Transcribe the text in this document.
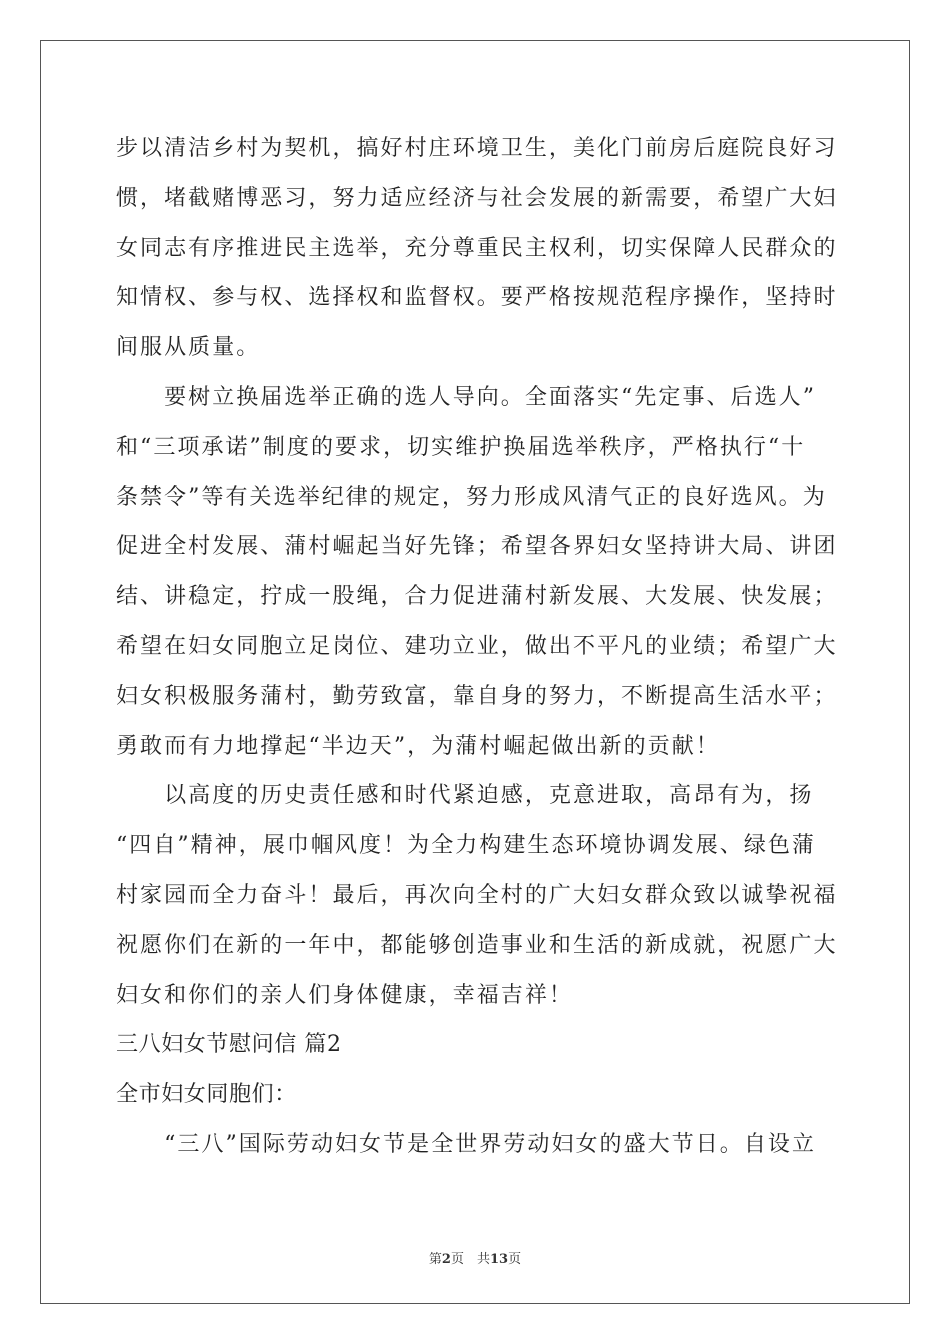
步以清洁乡村为契机，搞好村庄环境卫生，美化门前房后庭院良好习
惯，堵截赌博恶习，努力适应经济与社会发展的新需要，希望广大妇
女同志有序推进民主选举，充分尊重民主权利，切实保障人民群众的
知情权、参与权、选择权和监督权。要严格按规范程序操作，坚持时
间服从质量。
　　要树立换届选举正确的选人导向。全面落实“先定事、后选人”
和“三项承诺”制度的要求，切实维护换届选举秩序，严格执行“十
条禁令”等有关选举纪律的规定，努力形成风清气正的良好选风。为
促进全村发展、蒲村崛起当好先锋；希望各界妇女坚持讲大局、讲团
结、讲稳定，拧成一股绳，合力促进蒲村新发展、大发展、快发展；
希望在妇女同胞立足岗位、建功立业，做出不平凡的业绩；希望广大
妇女积极服务蒲村，勤劳致富，靠自身的努力，不断提高生活水平；
勇敢而有力地撑起“半边天”，为蒲村崛起做出新的贡献！
　　以高度的历史责任感和时代紧迫感，克意进取，高昂有为，扬
“四自”精神，展巾帼风度！为全力构建生态环境协调发展、绿色蒲
村家园而全力奋斗！最后，再次向全村的广大妇女群众致以诚挚祝福
祝愿你们在新的一年中，都能够创造事业和生活的新成就，祝愿广大
妇女和你们的亲人们身体健康，幸福吉祥！
三八妇女节慰问信 篇2
全市妇女同胞们：
　　“三八”国际劳动妇女节是全世界劳动妇女的盛大节日。自设立
第2页　共13页
